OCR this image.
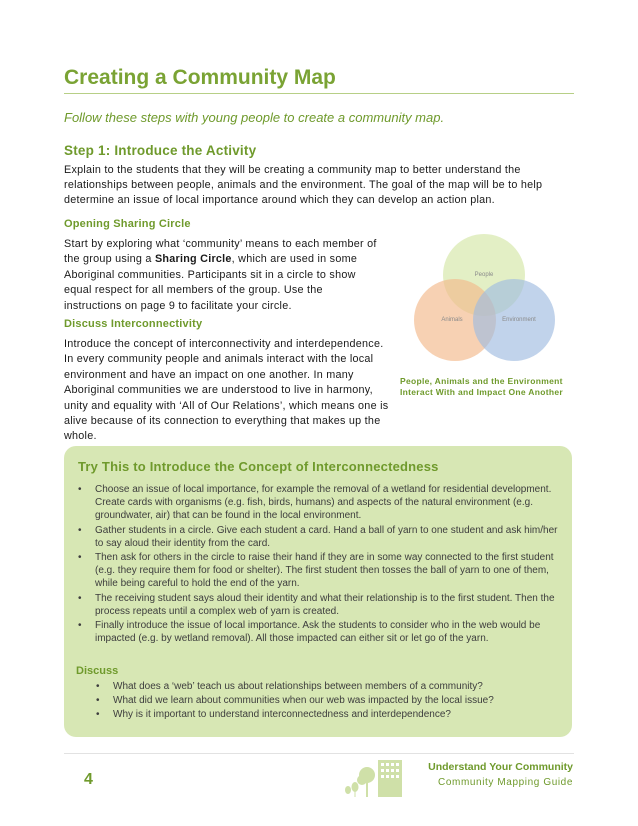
Creating a Community Map

Follow these steps with young people to create a community map.

Step 1: Introduce the Activity

Explain to the students that they will be creating a community map to better understand the relationships between people, animals and the environment. The goal of the map will be to help determine an issue of local importance around which they can develop an action plan.

Opening Sharing Circle

Start by exploring what ‘community’ means to each member of the group using a Sharing Circle, which are used in some Aboriginal communities. Participants sit in a circle to show equal respect for all members of the group. Use the instructions on page 9 to facilitate your circle.

Discuss Interconnectivity

Introduce the concept of interconnectivity and interdependence. In every community people and animals interact with the local environment and have an impact on one another. In many Aboriginal communities we are understood to live in harmony, unity and equality with ‘All of Our Relations’, which means one is alive because of its connection to everything that makes up the whole.

People
Animals	Environment

People, Animals and the Environment Interact With and Impact One Another

Try This to Introduce the Concept of Interconnectedness
• Choose an issue of local importance, for example the removal of a wetland for residential development. Create cards with organisms (e.g. fish, birds, humans) and aspects of the natural environment (e.g. groundwater, air) that can be found in the local environment.
• Gather students in a circle. Give each student a card. Hand a ball of yarn to one student and ask him/her to say aloud their identity from the card.
• Then ask for others in the circle to raise their hand if they are in some way connected to the first student (e.g. they require them for food or shelter). The first student then tosses the ball of yarn to one of them, while being careful to hold the end of the yarn.
• The receiving student says aloud their identity and what their relationship is to the first student. Then the process repeats until a complex web of yarn is created.
• Finally introduce the issue of local importance. Ask the students to consider who in the web would be impacted (e.g. by wetland removal). All those impacted can either sit or let go of the yarn.
Discuss
• What does a ‘web’ teach us about relationships between members of a community?
• What did we learn about communities when our web was impacted by the local issue?
• Why is it important to understand interconnectedness and interdependence?

4

Understand Your Community

Community Mapping Guide
